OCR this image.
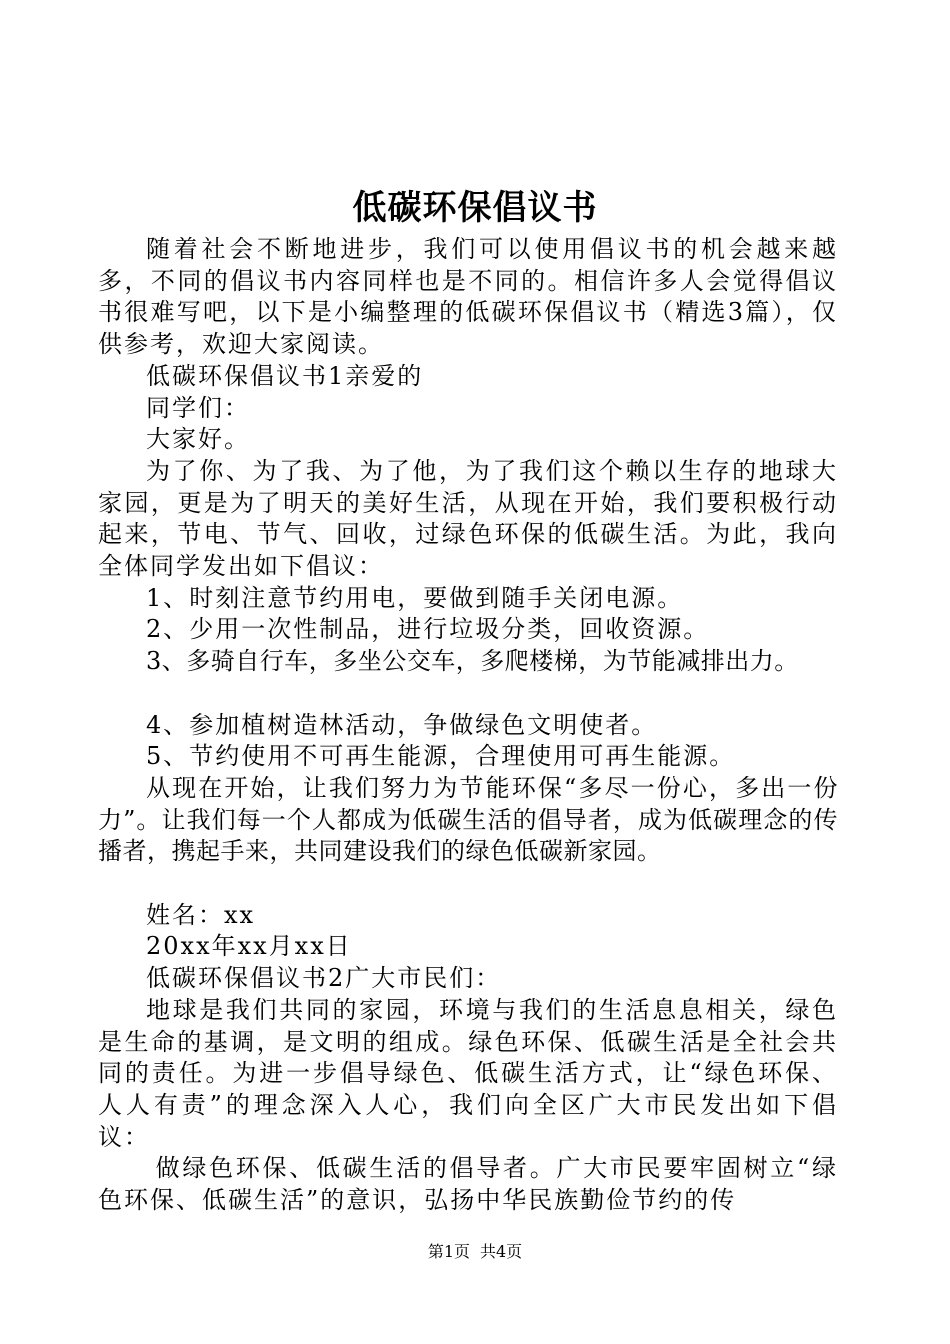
低碳环保倡议书

随着社会不断地进步，我们可以使用倡议书的机会越来越多，不同的倡议书内容同样也是不同的。相信许多人会觉得倡议书很难写吧，以下是小编整理的低碳环保倡议书（精选3篇），仅供参考，欢迎大家阅读。

低碳环保倡议书1亲爱的

同学们：

大家好。

为了你、为了我、为了他，为了我们这个赖以生存的地球大家园，更是为了明天的美好生活，从现在开始，我们要积极行动起来，节电、节气、回收，过绿色环保的低碳生活。为此，我向全体同学发出如下倡议：

1、时刻注意节约用电，要做到随手关闭电源。

2、少用一次性制品，进行垃圾分类，回收资源。

3、多骑自行车，多坐公交车，多爬楼梯，为节能减排出力。

4、参加植树造林活动，争做绿色文明使者。

5、节约使用不可再生能源，合理使用可再生能源。

从现在开始，让我们努力为节能环保“多尽一份心，多出一份力”。让我们每一个人都成为低碳生活的倡导者，成为低碳理念的传播者，携起手来，共同建设我们的绿色低碳新家园。

姓名：xx

20xx年xx月xx日

低碳环保倡议书2广大市民们：

地球是我们共同的家园，环境与我们的生活息息相关，绿色是生命的基调，是文明的组成。绿色环保、低碳生活是全社会共同的责任。为进一步倡导绿色、低碳生活方式，让“绿色环保、人人有责”的理念深入人心，我们向全区广大市民发出如下倡议：

做绿色环保、低碳生活的倡导者。广大市民要牢固树立“绿色环保、低碳生活”的意识，弘扬中华民族勤俭节约的传

第1页 共4页
